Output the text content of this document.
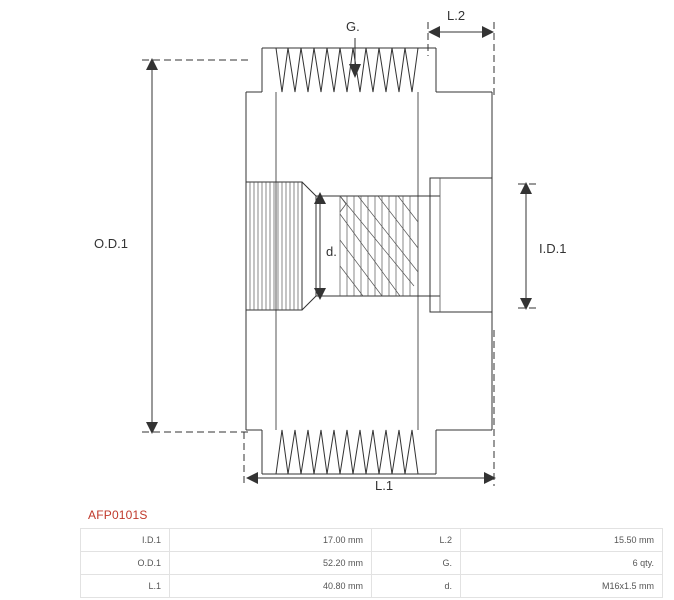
O.D.1	I.D.1
L.1
L.2
d.
G.
AFP0101S
I.D.1	17.00 mm	L.2	15.50 mm
O.D.1	52.20 mm	G.	6 qty.
L.1	40.80 mm	d.	M16x1.5 mm
